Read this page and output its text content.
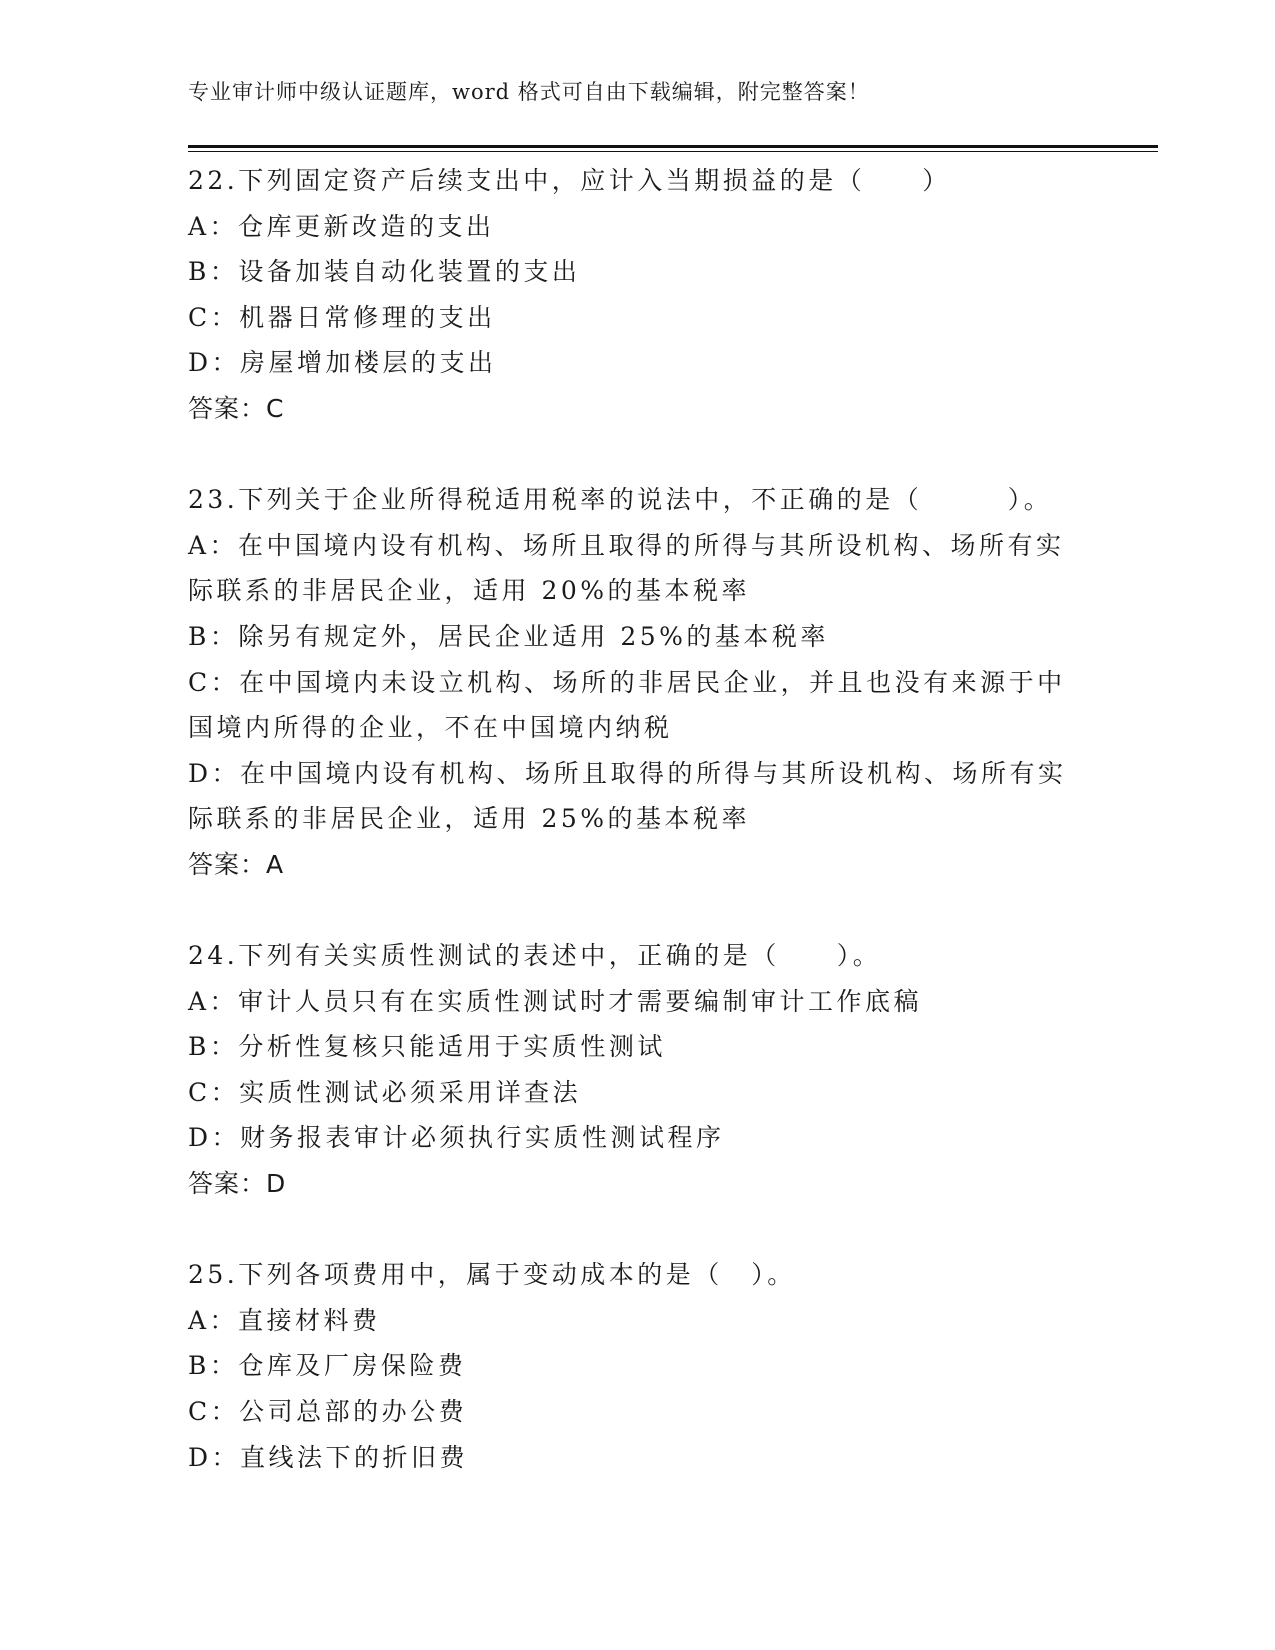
专业审计师中级认证题库，word 格式可自由下载编辑，附完整答案！
22.下列固定资产后续支出中，应计入当期损益的是（　　）
A：仓库更新改造的支出
B：设备加装自动化装置的支出
C：机器日常修理的支出
D：房屋增加楼层的支出
答案：C
23.下列关于企业所得税适用税率的说法中，不正确的是（　　　）。
A：在中国境内设有机构、场所且取得的所得与其所设机构、场所有实
际联系的非居民企业，适用 20%的基本税率
B：除另有规定外，居民企业适用 25%的基本税率
C：在中国境内未设立机构、场所的非居民企业，并且也没有来源于中
国境内所得的企业，不在中国境内纳税
D：在中国境内设有机构、场所且取得的所得与其所设机构、场所有实
际联系的非居民企业，适用 25%的基本税率
答案：A
24.下列有关实质性测试的表述中，正确的是（　　）。
A：审计人员只有在实质性测试时才需要编制审计工作底稿
B：分析性复核只能适用于实质性测试
C：实质性测试必须采用详查法
D：财务报表审计必须执行实质性测试程序
答案：D
25.下列各项费用中，属于变动成本的是（　）。
A：直接材料费
B：仓库及厂房保险费
C：公司总部的办公费
D：直线法下的折旧费
